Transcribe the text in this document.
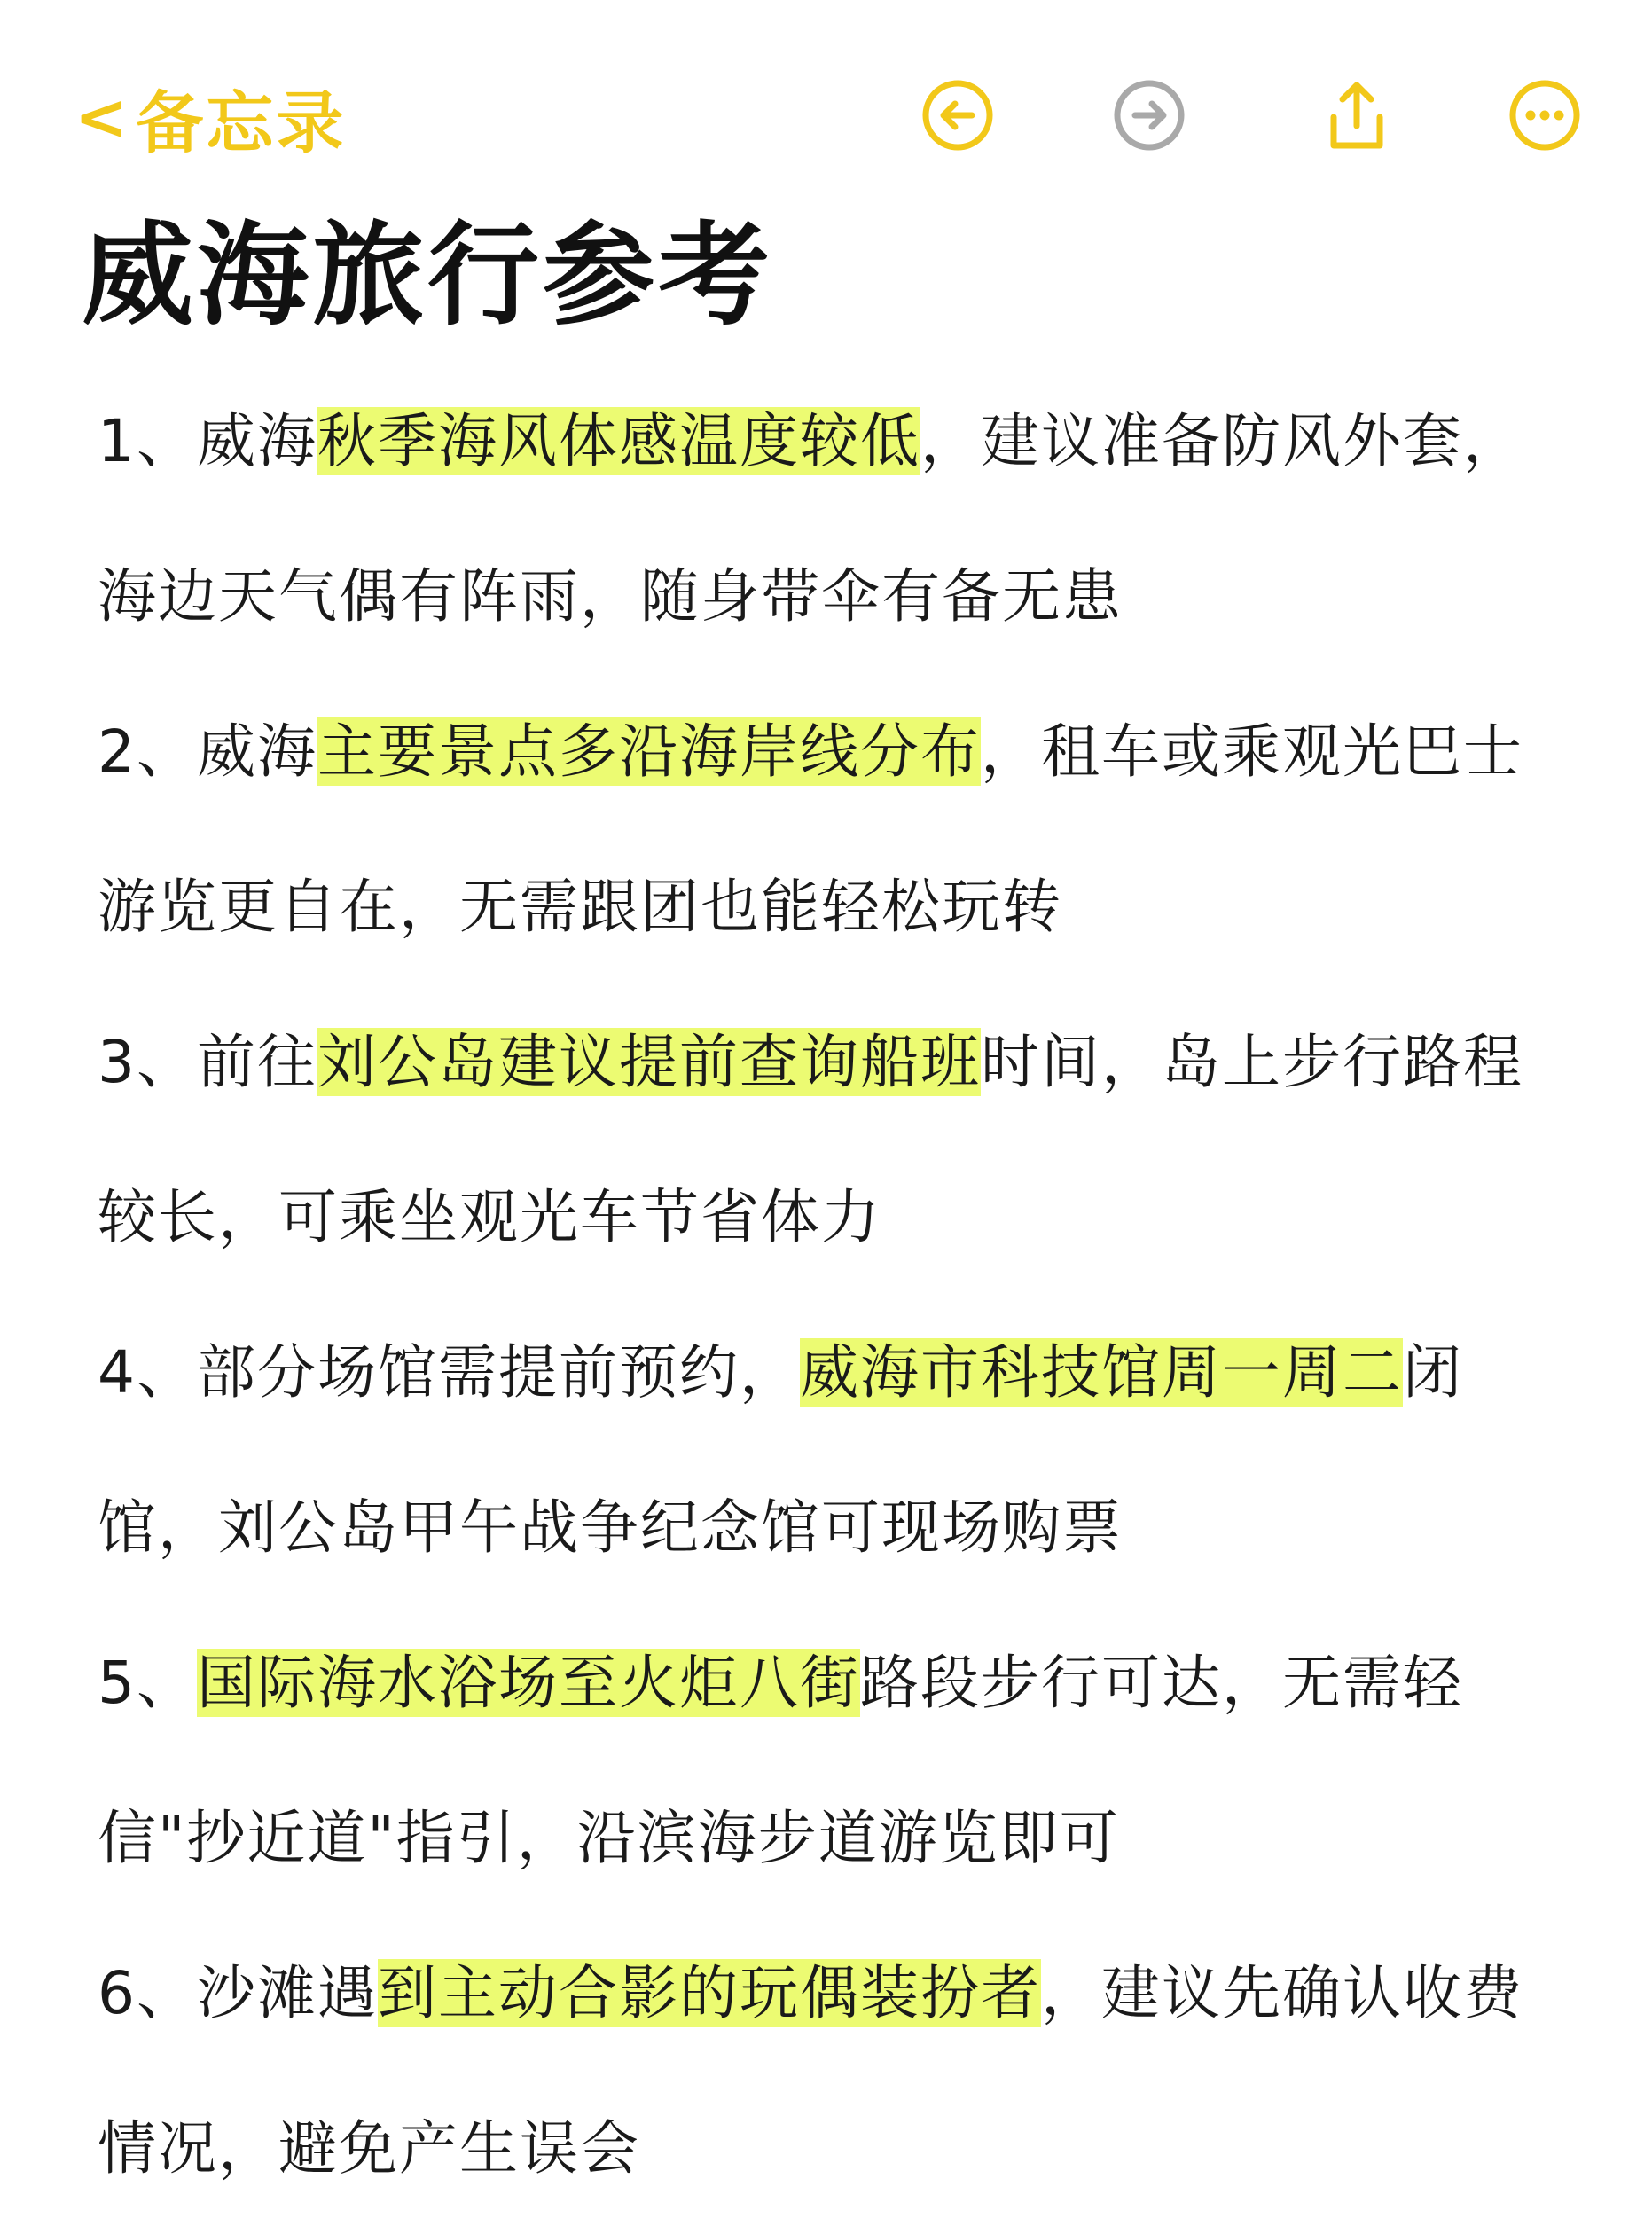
< 备忘录
威海旅行参考
1、威海秋季海风体感温度较低，建议准备防风外套，海边天气偶有阵雨，随身带伞有备无患
2、威海主要景点多沿海岸线分布，租车或乘观光巴士游览更自在，无需跟团也能轻松玩转
3、前往刘公岛建议提前查询船班时间，岛上步行路程较长，可乘坐观光车节省体力
4、部分场馆需提前预约，威海市科技馆周一周二闭馆，刘公岛甲午战争纪念馆可现场购票
5、国际海水浴场至火炬八街路段步行可达，无需轻信"抄近道"指引，沿滨海步道游览即可
6、沙滩遇到主动合影的玩偶装扮者，建议先确认收费情况，避免产生误会
